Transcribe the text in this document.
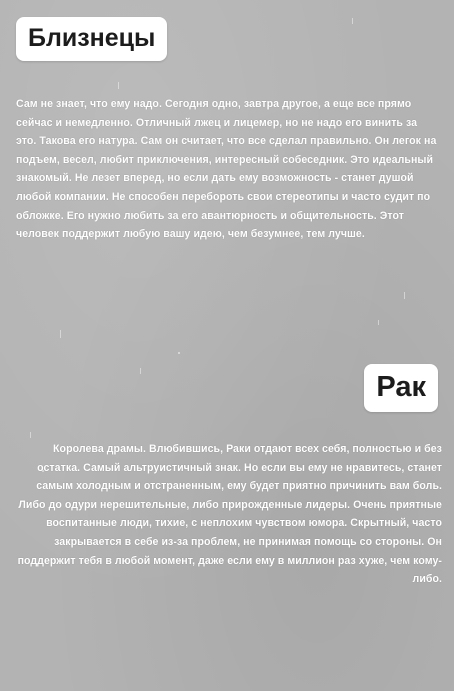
Близнецы
Сам не знает, что ему надо. Сегодня одно, завтра другое, а еще все прямо сейчас и немедленно. Отличный лжец и лицемер, но не надо его винить за это. Такова его натура. Сам он считает, что все сделал правильно. Он легок на подъем, весел, любит приключения, интересный собеседник. Это идеальный знакомый. Не лезет вперед, но если дать ему возможность - станет душой любой компании. Не способен перебороть свои стереотипы и часто судит по обложке. Его нужно любить за его авантюрность и общительность. Этот человек поддержит любую вашу идею, чем безумнее, тем лучше.
Рак
Королева драмы. Влюбившись, Раки отдают всех себя, полностью и без остатка. Самый альтруистичный знак. Но если вы ему не нравитесь, станет самым холодным и отстраненным, ему будет приятно причинить вам боль. Либо до одури нерешительные, либо прирожденные лидеры. Очень приятные воспитанные люди, тихие, с неплохим чувством юмора. Скрытный, часто закрывается в себе из-за проблем, не принимая помощь со стороны. Он поддержит тебя в любой момент, даже если ему в миллион раз хуже, чем кому-либо.
